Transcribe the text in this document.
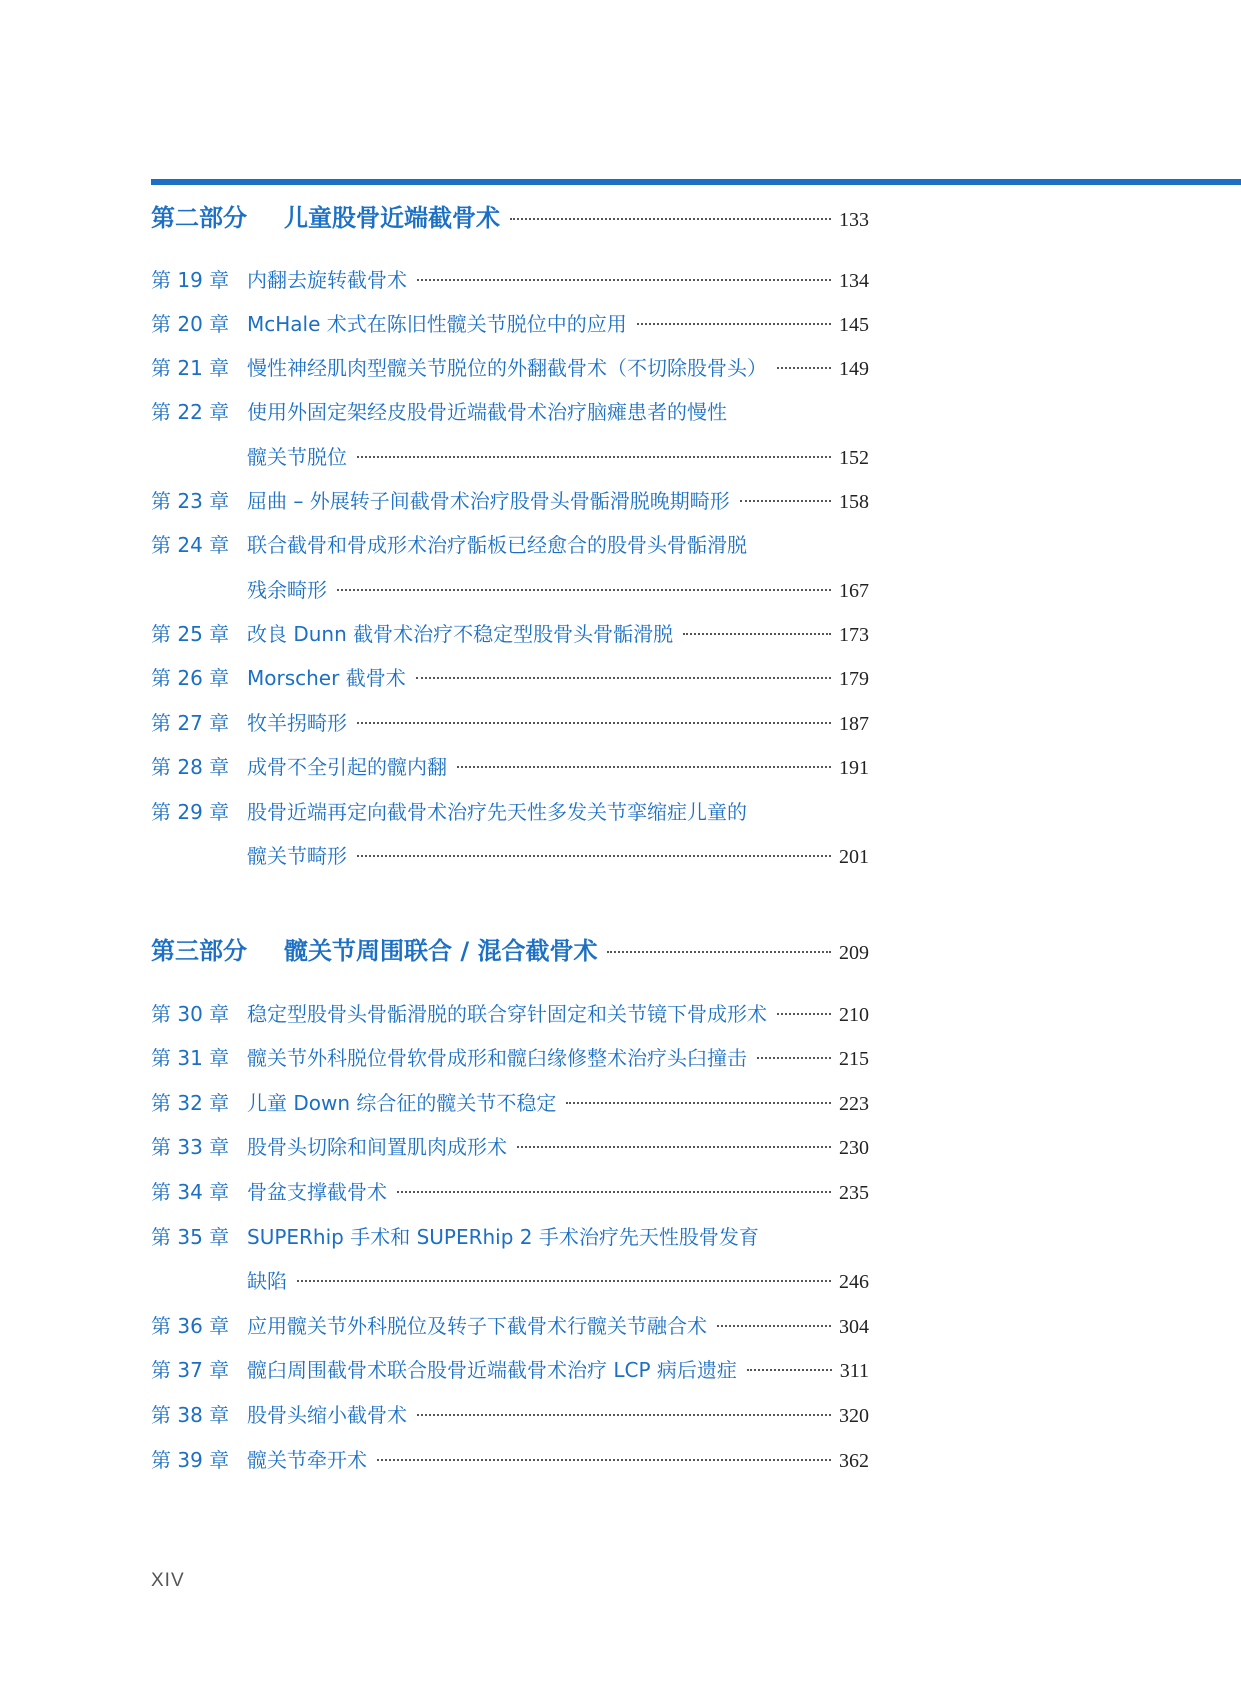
第二部分	儿童股骨近端截骨术	133
第 19 章 内翻去旋转截骨术	134
第 20 章 McHale 术式在陈旧性髋关节脱位中的应用	145
第 21 章 慢性神经肌肉型髋关节脱位的外翻截骨术（不切除股骨头）	149
第 22 章 使用外固定架经皮股骨近端截骨术治疗脑瘫患者的慢性
髋关节脱位	152
第 23 章 屈曲 – 外展转子间截骨术治疗股骨头骨骺滑脱晚期畸形	158
第 24 章 联合截骨和骨成形术治疗骺板已经愈合的股骨头骨骺滑脱
残余畸形	167
第 25 章 改良 Dunn 截骨术治疗不稳定型股骨头骨骺滑脱	173
第 26 章 Morscher 截骨术	179
第 27 章 牧羊拐畸形	187
第 28 章 成骨不全引起的髋内翻	191
第 29 章 股骨近端再定向截骨术治疗先天性多发关节挛缩症儿童的
髋关节畸形	201
第三部分	髋关节周围联合 / 混合截骨术	209
第 30 章 稳定型股骨头骨骺滑脱的联合穿针固定和关节镜下骨成形术	210
第 31 章 髋关节外科脱位骨软骨成形和髋臼缘修整术治疗头臼撞击	215
第 32 章 儿童 Down 综合征的髋关节不稳定	223
第 33 章 股骨头切除和间置肌肉成形术	230
第 34 章 骨盆支撑截骨术	235
第 35 章 SUPERhip 手术和 SUPERhip 2 手术治疗先天性股骨发育
缺陷	246
第 36 章 应用髋关节外科脱位及转子下截骨术行髋关节融合术	304
第 37 章 髋臼周围截骨术联合股骨近端截骨术治疗 LCP 病后遗症	311
第 38 章 股骨头缩小截骨术	320
第 39 章 髋关节牵开术	362
XIV
